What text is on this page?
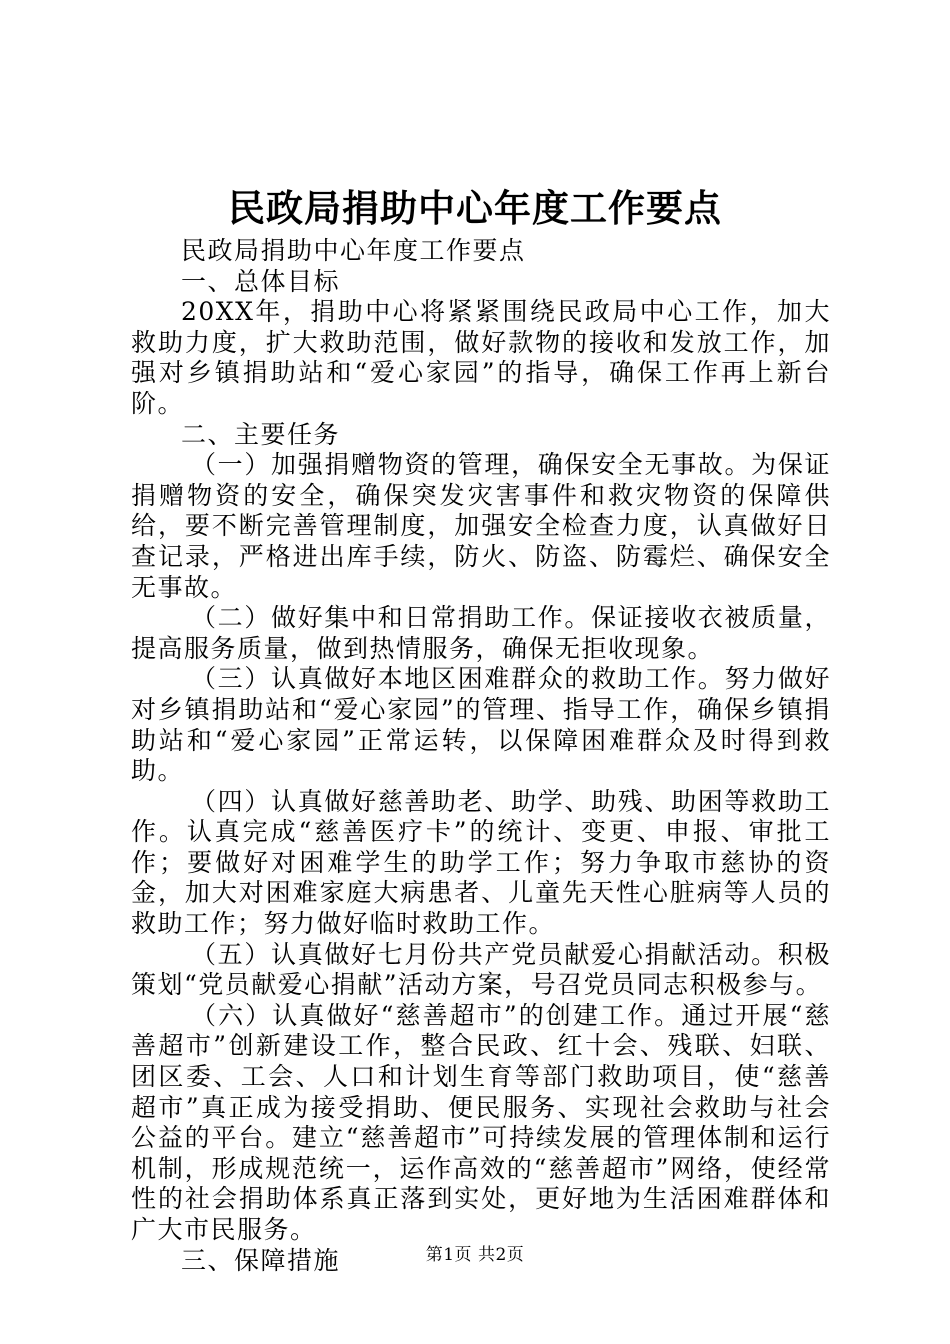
民政局捐助中心年度工作要点

民政局捐助中心年度工作要点

一、总体目标

20XX年，捐助中心将紧紧围绕民政局中心工作，加大救助力度，扩大救助范围，做好款物的接收和发放工作，加强对乡镇捐助站和“爱心家园”的指导，确保工作再上新台阶。

二、主要任务

（一）加强捐赠物资的管理，确保安全无事故。为保证捐赠物资的安全，确保突发灾害事件和救灾物资的保障供给，要不断完善管理制度，加强安全检查力度，认真做好日查记录，严格进出库手续，防火、防盗、防霉烂、确保安全无事故。

（二）做好集中和日常捐助工作。保证接收衣被质量，提高服务质量，做到热情服务，确保无拒收现象。

（三）认真做好本地区困难群众的救助工作。努力做好对乡镇捐助站和“爱心家园”的管理、指导工作，确保乡镇捐助站和“爱心家园”正常运转，以保障困难群众及时得到救助。

（四）认真做好慈善助老、助学、助残、助困等救助工作。认真完成“慈善医疗卡”的统计、变更、申报、审批工作；要做好对困难学生的助学工作；努力争取市慈协的资金，加大对困难家庭大病患者、儿童先天性心脏病等人员的救助工作；努力做好临时救助工作。

（五）认真做好七月份共产党员献爱心捐献活动。积极策划“党员献爱心捐献”活动方案，号召党员同志积极参与。

（六）认真做好“慈善超市”的创建工作。通过开展“慈善超市”创新建设工作，整合民政、红十会、残联、妇联、团区委、工会、人口和计划生育等部门救助项目，使“慈善超市”真正成为接受捐助、便民服务、实现社会救助与社会公益的平台。建立“慈善超市”可持续发展的管理体制和运行机制，形成规范统一，运作高效的“慈善超市”网络，使经常性的社会捐助体系真正落到实处，更好地为生活困难群体和广大市民服务。

三、保障措施	第1页 共2页
